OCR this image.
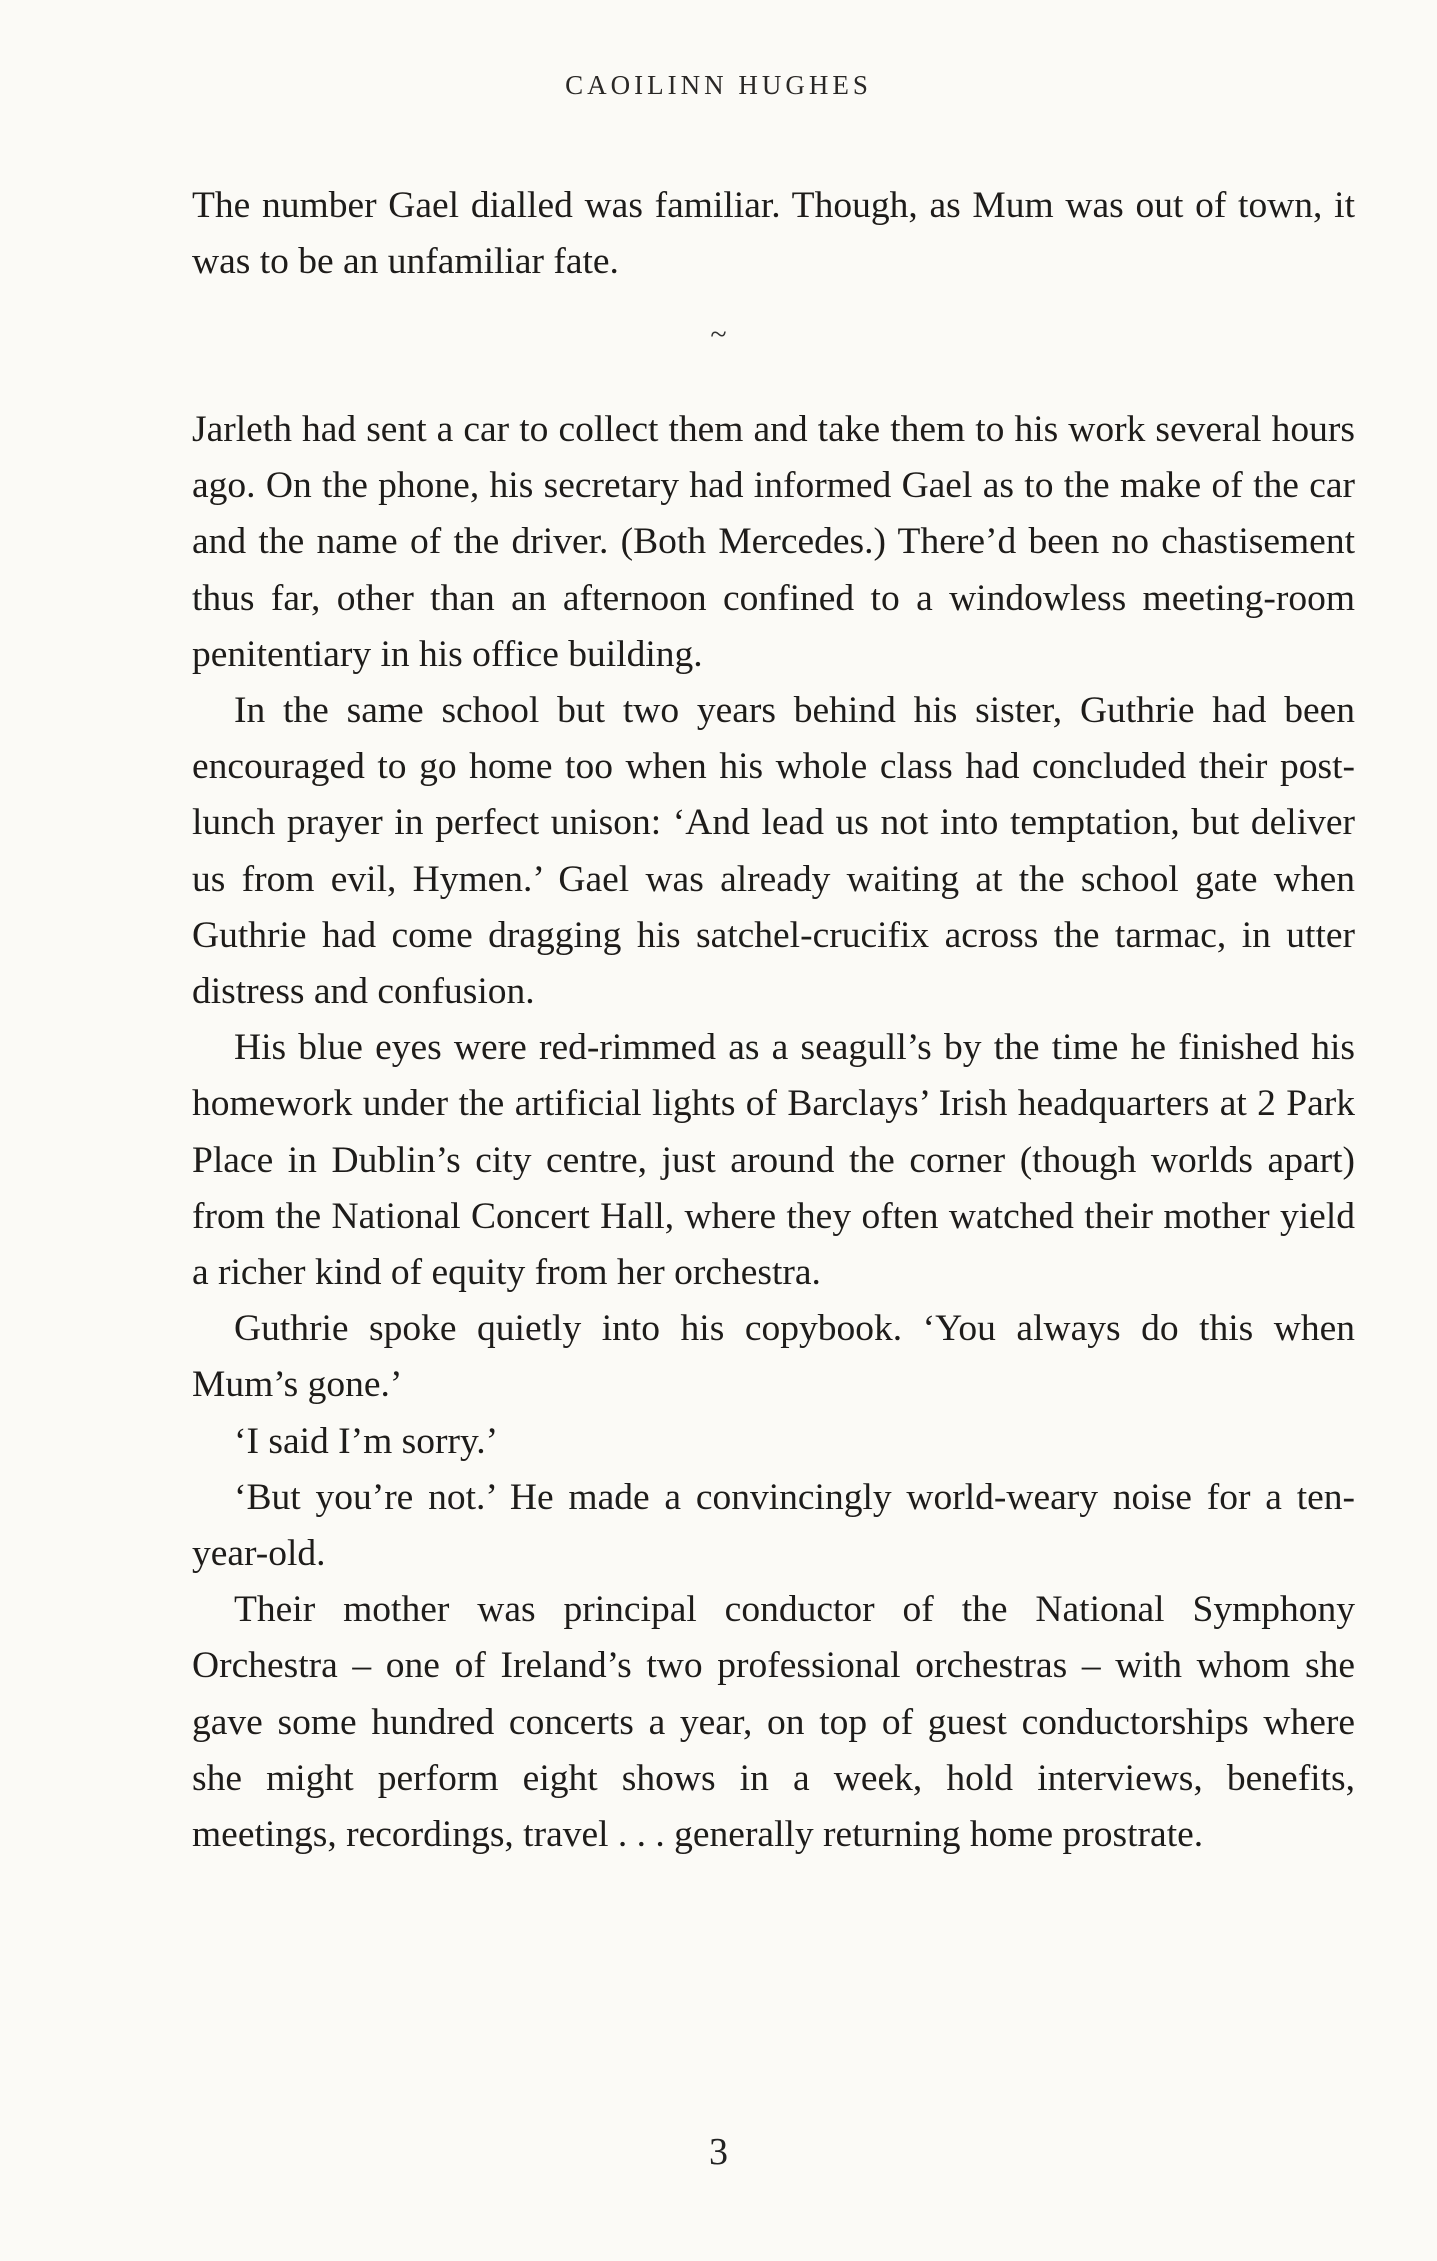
CAOILINN HUGHES

The number Gael dialled was familiar. Though, as Mum was out of town, it was to be an unfamiliar fate.

~

Jarleth had sent a car to collect them and take them to his work several hours ago. On the phone, his secretary had informed Gael as to the make of the car and the name of the driver. (Both Mercedes.) There’d been no chastisement thus far, other than an afternoon confined to a windowless meeting-room penitentiary in his office building.

In the same school but two years behind his sister, Guthrie had been encouraged to go home too when his whole class had concluded their post-lunch prayer in perfect unison: ‘And lead us not into temptation, but deliver us from evil, Hymen.’ Gael was already waiting at the school gate when Guthrie had come dragging his satchel-crucifix across the tarmac, in utter distress and confusion.

His blue eyes were red-rimmed as a seagull’s by the time he finished his homework under the artificial lights of Barclays’ Irish headquarters at 2 Park Place in Dublin’s city centre, just around the corner (though worlds apart) from the National Concert Hall, where they often watched their mother yield a richer kind of equity from her orchestra.

Guthrie spoke quietly into his copybook. ‘You always do this when Mum’s gone.’

‘I said I’m sorry.’

‘But you’re not.’ He made a convincingly world-weary noise for a ten-year-old.

Their mother was principal conductor of the National Symphony Orchestra – one of Ireland’s two professional orchestras – with whom she gave some hundred concerts a year, on top of guest conductorships where she might perform eight shows in a week, hold interviews, benefits, meetings, recordings, travel . . . generally returning home prostrate.

3
